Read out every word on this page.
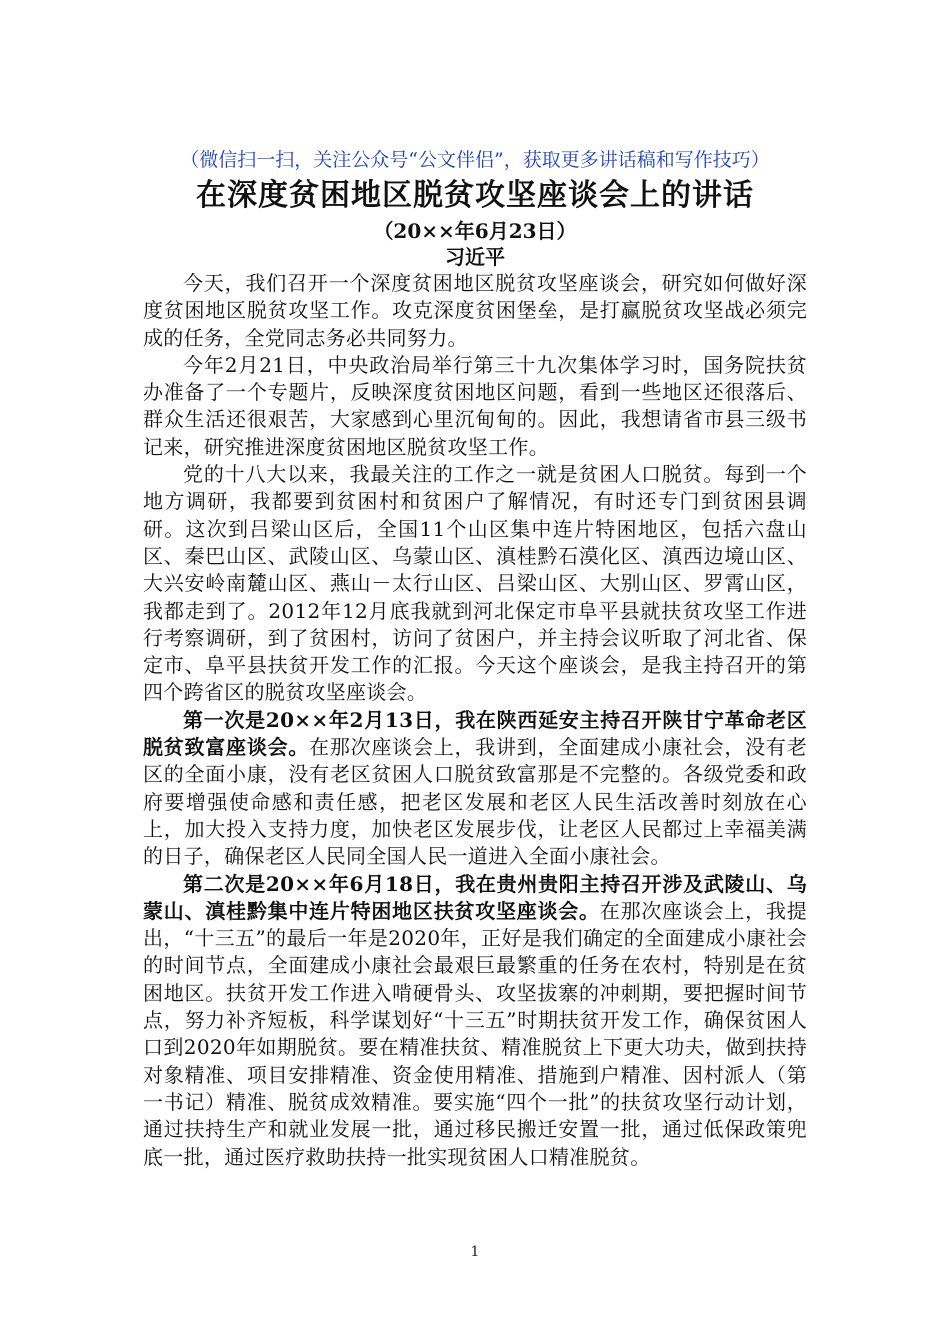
（微信扫一扫，关注公众号“公文伴侣”，获取更多讲话稿和写作技巧）
在深度贫困地区脱贫攻坚座谈会上的讲话
（20××年6月23日）
习近平

今天，我们召开一个深度贫困地区脱贫攻坚座谈会，研究如何做好深度贫困地区脱贫攻坚工作。攻克深度贫困堡垒，是打赢脱贫攻坚战必须完成的任务，全党同志务必共同努力。

今年2月21日，中央政治局举行第三十九次集体学习时，国务院扶贫办准备了一个专题片，反映深度贫困地区问题，看到一些地区还很落后、群众生活还很艰苦，大家感到心里沉甸甸的。因此，我想请省市县三级书记来，研究推进深度贫困地区脱贫攻坚工作。

党的十八大以来，我最关注的工作之一就是贫困人口脱贫。每到一个地方调研，我都要到贫困村和贫困户了解情况，有时还专门到贫困县调研。这次到吕梁山区后，全国11个山区集中连片特困地区，包括六盘山区、秦巴山区、武陵山区、乌蒙山区、滇桂黔石漠化区、滇西边境山区、大兴安岭南麓山区、燕山－太行山区、吕梁山区、大别山区、罗霄山区，我都走到了。2012年12月底我就到河北保定市阜平县就扶贫攻坚工作进行考察调研，到了贫困村，访问了贫困户，并主持会议听取了河北省、保定市、阜平县扶贫开发工作的汇报。今天这个座谈会，是我主持召开的第四个跨省区的脱贫攻坚座谈会。

第一次是20××年2月13日，我在陕西延安主持召开陕甘宁革命老区脱贫致富座谈会。在那次座谈会上，我讲到，全面建成小康社会，没有老区的全面小康，没有老区贫困人口脱贫致富那是不完整的。各级党委和政府要增强使命感和责任感，把老区发展和老区人民生活改善时刻放在心上，加大投入支持力度，加快老区发展步伐，让老区人民都过上幸福美满的日子，确保老区人民同全国人民一道进入全面小康社会。

第二次是20××年6月18日，我在贵州贵阳主持召开涉及武陵山、乌蒙山、滇桂黔集中连片特困地区扶贫攻坚座谈会。在那次座谈会上，我提出，“十三五”的最后一年是2020年，正好是我们确定的全面建成小康社会的时间节点，全面建成小康社会最艰巨最繁重的任务在农村，特别是在贫困地区。扶贫开发工作进入啃硬骨头、攻坚拔寨的冲刺期，要把握时间节点，努力补齐短板，科学谋划好“十三五”时期扶贫开发工作，确保贫困人口到2020年如期脱贫。要在精准扶贫、精准脱贫上下更大功夫，做到扶持对象精准、项目安排精准、资金使用精准、措施到户精准、因村派人（第一书记）精准、脱贫成效精准。要实施“四个一批”的扶贫攻坚行动计划，通过扶持生产和就业发展一批，通过移民搬迁安置一批，通过低保政策兜底一批，通过医疗救助扶持一批实现贫困人口精准脱贫。

1
